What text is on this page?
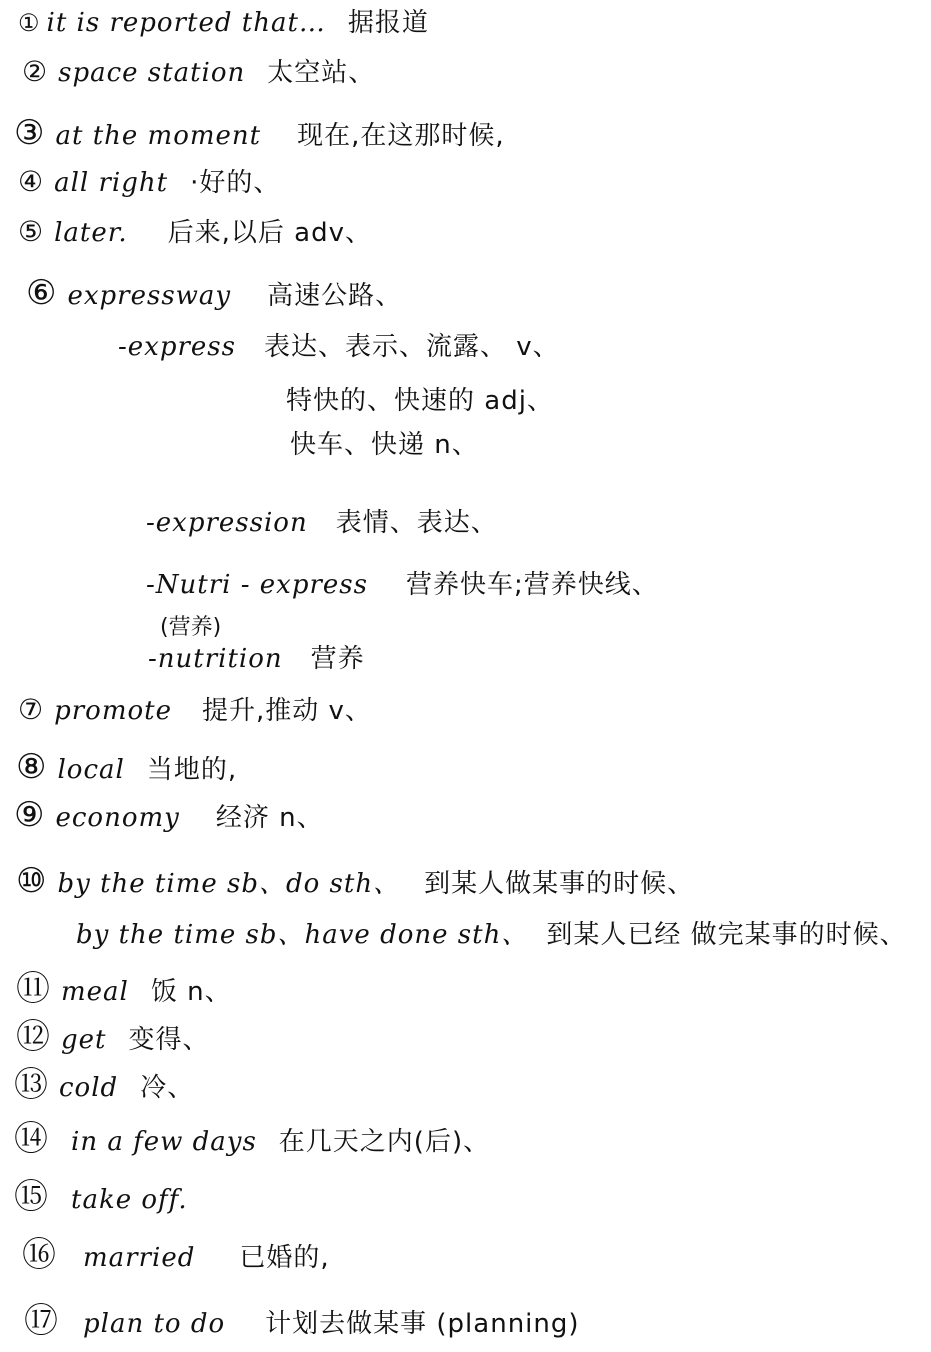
① it is reported that… 据报道
② space station 太空站、
③ at the moment 现在,在这那时候,
④ all right ·好的、
⑤ later. 后来,以后 adv、
⑥ expressway 高速公路、
-express 表达、表示、流露、 v、
特快的、快速的 adj、
快车、快递 n、
-expression 表情、表达、
-Nutri - express 营养快车;营养快线、
(营养)
-nutrition 营养
⑦ promote 提升,推动 v、
⑧ local 当地的,
⑨ economy 经济 n、
⑩ by the time sb、do sth、 到某人做某事的时候、
by the time sb、have done sth、 到某人已经 做完某事的时候、
⑪ meal 饭 n、
⑫ get 变得、
⑬ cold 冷、
⑭ in a few days 在几天之内(后)、
⑮ take off.
⑯ married 已婚的,
⑰ plan to do 计划去做某事 (planning)
